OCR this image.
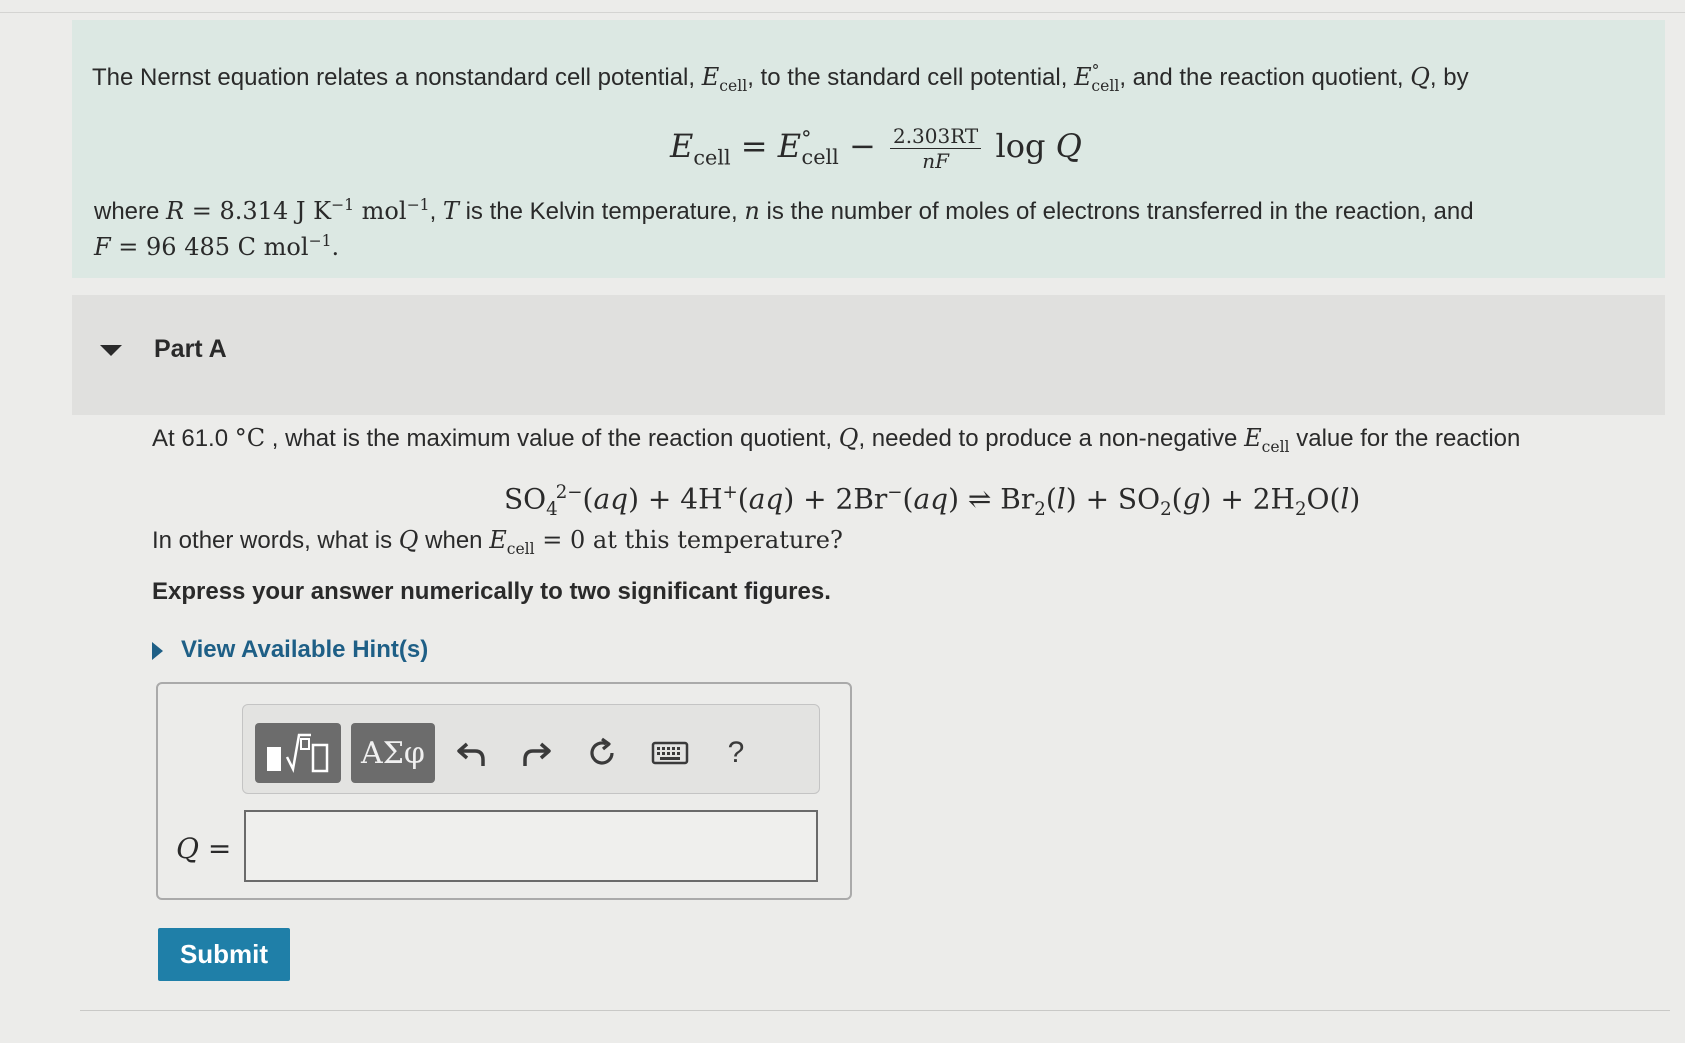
The Nernst equation relates a nonstandard cell potential, $E_{cell}$, to the standard cell potential, $E^\circ_{cell}$, and the reaction quotient, Q, by
$E_{cell} = E^\circ_{cell} - \frac{2.303RT}{nF}$ log Q
where R = 8.314 J $K^{-1}$ mol$^{-1}$, T is the Kelvin temperature, n is the number of moles of electrons transferred in the reaction, and
F = 96 485 C mol$^{-1}$.
Part A
At 61.0 °C , what is the maximum value of the reaction quotient, Q, needed to produce a non-negative $E_{cell}$ value for the reaction
$SO_4^{2-}(aq) + 4H^+(aq) + 2Br^-(aq)$ ⇌ $Br_2(l) + SO_2(g) + 2H_2O(l)$
In other words, what is Q when $E_{cell} = 0$ at this temperature?
Express your answer numerically to two significant figures.
View Available Hint(s)
ΑΣφ	?
Q =
Submit
